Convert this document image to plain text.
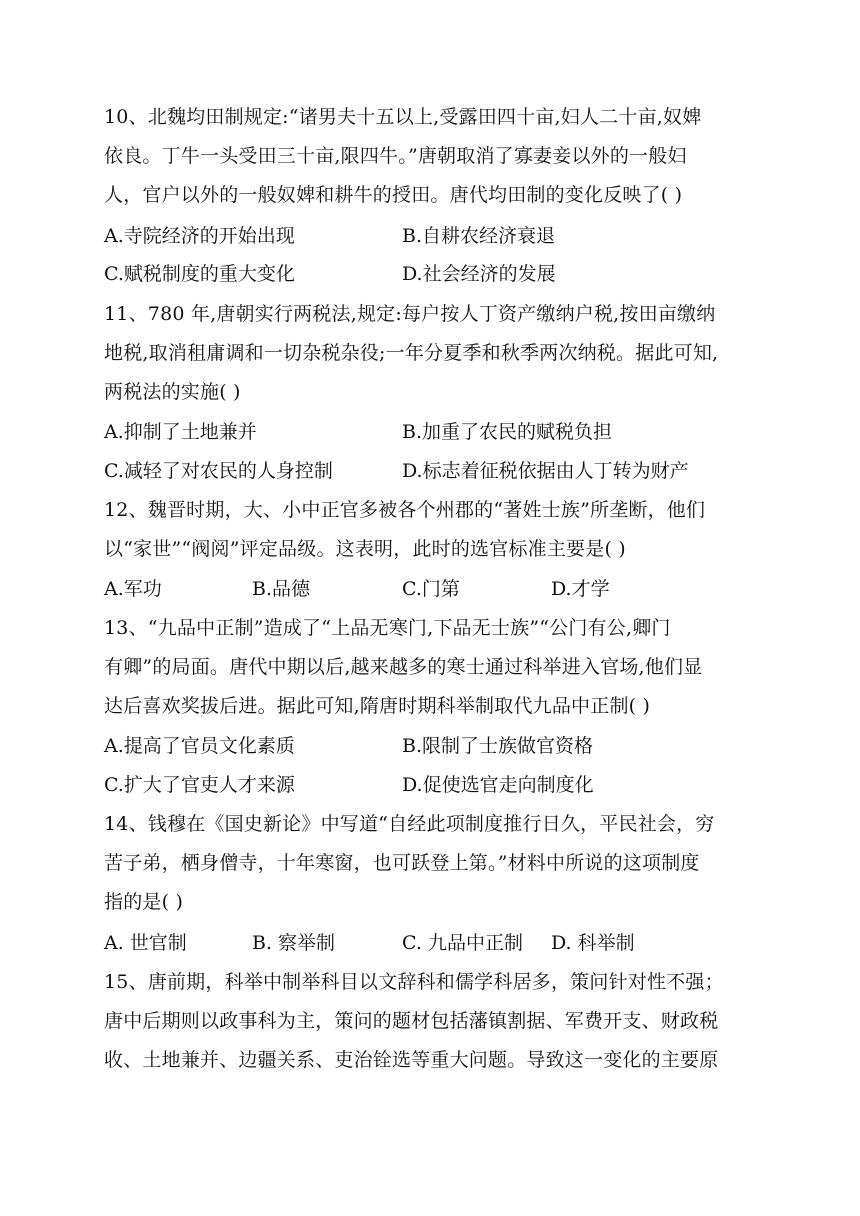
10、北魏均田制规定:“诸男夫十五以上,受露田四十亩,妇人二十亩,奴婢
依良。丁牛一头受田三十亩,限四牛。”唐朝取消了寡妻妾以外的一般妇
人，官户以外的一般奴婢和耕牛的授田。唐代均田制的变化反映了( )
A.寺院经济的开始出现	B.自耕农经济衰退
C.赋税制度的重大变化	D.社会经济的发展
11、780 年,唐朝实行两税法,规定:每户按人丁资产缴纳户税,按田亩缴纳
地税,取消租庸调和一切杂税杂役;一年分夏季和秋季两次纳税。据此可知,
两税法的实施( )
A.抑制了土地兼并	B.加重了农民的赋税负担
C.减轻了对农民的人身控制	D.标志着征税依据由人丁转为财产
12、魏晋时期，大、小中正官多被各个州郡的“著姓士族”所垄断，他们
以“家世”“阀阅”评定品级。这表明，此时的选官标准主要是( )
A.军功	B.品德	C.门第	D.才学
13、“九品中正制”造成了“上品无寒门,下品无士族”“公门有公,卿门
有卿”的局面。唐代中期以后,越来越多的寒士通过科举进入官场,他们显
达后喜欢奖拔后进。据此可知,隋唐时期科举制取代九品中正制( )
A.提高了官员文化素质	B.限制了士族做官资格
C.扩大了官吏人才来源	D.促使选官走向制度化
14、钱穆在《国史新论》中写道“自经此项制度推行日久，平民社会，穷
苦子弟，栖身僧寺，十年寒窗，也可跃登上第。”材料中所说的这项制度
指的是( )
A. 世官制	B. 察举制	C. 九品中正制 D. 科举制
15、唐前期，科举中制举科目以文辞科和儒学科居多，策问针对性不强；
唐中后期则以政事科为主，策问的题材包括藩镇割据、军费开支、财政税
收、土地兼并、边疆关系、吏治铨选等重大问题。导致这一变化的主要原
